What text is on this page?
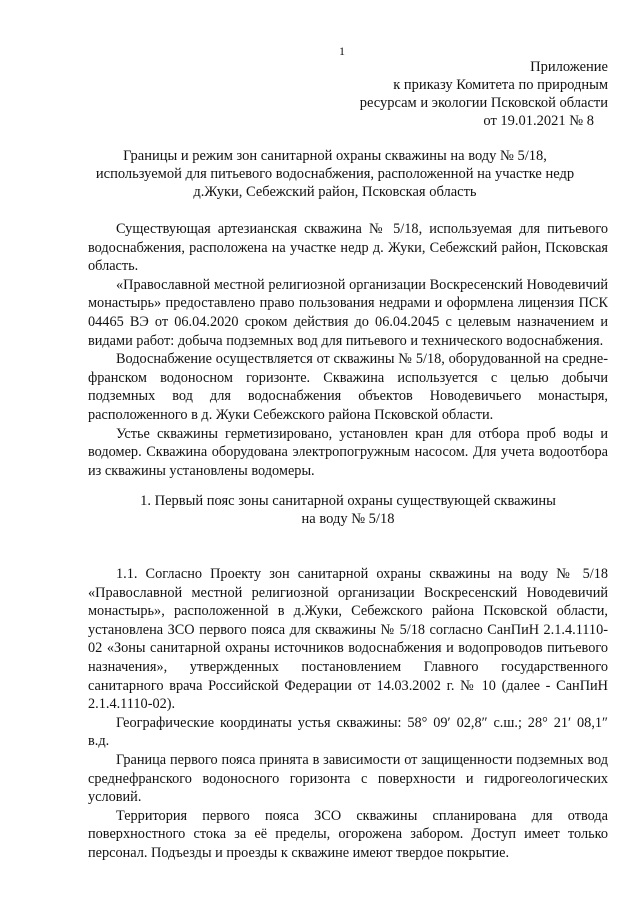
1
Приложение
к приказу Комитета по природным
ресурсам и экологии Псковской области
от 19.01.2021 № 8
Границы и режим зон санитарной охраны скважины на воду № 5/18,
используемой для питьевого водоснабжения, расположенной на участке недр
д.Жуки, Себежский район, Псковская область

Существующая артезианская скважина № 5/18, используемая для питьевого водоснабжения, расположена на участке недр д. Жуки, Себежский район, Псковская область.

«Православной местной религиозной организации Воскресенский Новодевичий монастырь» предоставлено право пользования недрами и оформлена лицензия ПСК 04465 ВЭ от 06.04.2020 сроком действия до 06.04.2045 с целевым назначением и видами работ: добыча подземных вод для питьевого и технического водоснабжения.

Водоснабжение осуществляется от скважины № 5/18, оборудованной на средне-франском водоносном горизонте. Скважина используется с целью добычи подземных вод для водоснабжения объектов Новодевичьего монастыря, расположенного в д. Жуки Себежского района Псковской области.

Устье скважины герметизировано, установлен кран для отбора проб воды и водомер. Скважина оборудована электропогружным насосом. Для учета водоотбора из скважины установлены водомеры.

1. Первый пояс зоны санитарной охраны существующей скважины
на воду № 5/18

1.1. Согласно Проекту зон санитарной охраны скважины на воду № 5/18 «Православной местной религиозной организации Воскресенский Новодевичий монастырь», расположенной в д.Жуки, Себежского района Псковской области, установлена ЗСО первого пояса для скважины № 5/18 согласно СанПиН 2.1.4.1110-02 «Зоны санитарной охраны источников водоснабжения и водопроводов питьевого назначения», утвержденных постановлением Главного государственного санитарного врача Российской Федерации от 14.03.2002 г. № 10 (далее - СанПиН 2.1.4.1110-02).

Географические координаты устья скважины: 58° 09′ 02,8″ с.ш.; 28° 21′ 08,1″ в.д.

Граница первого пояса принята в зависимости от защищенности подземных вод среднефранского водоносного горизонта с поверхности и гидрогеологических условий.

Территория первого пояса ЗСО скважины спланирована для отвода поверхностного стока за её пределы, огорожена забором. Доступ имеет только персонал. Подъезды и проезды к скважине имеют твердое покрытие.
